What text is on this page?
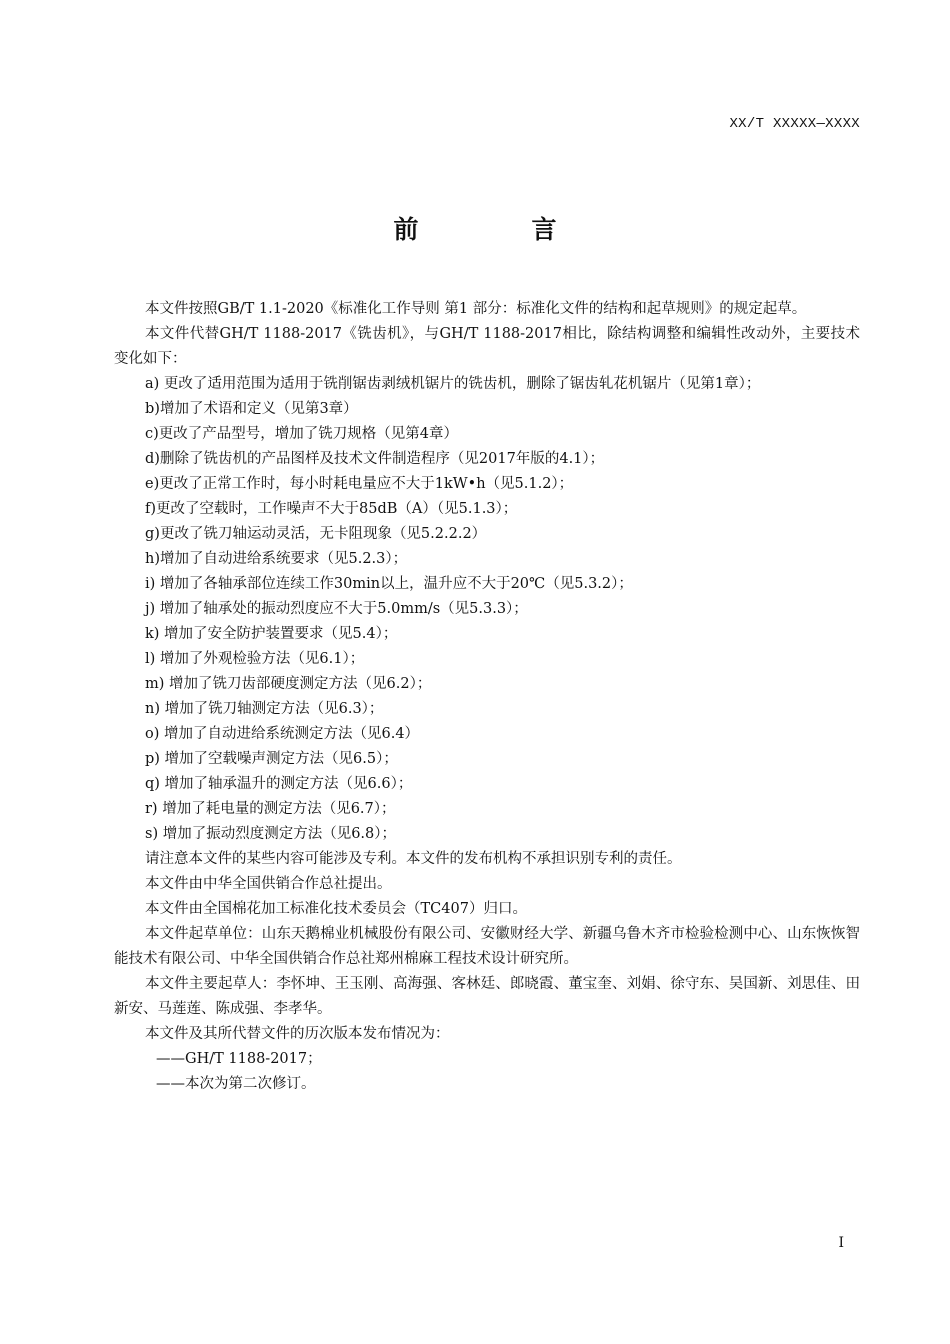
XX/T XXXXX—XXXX
前　言

本文件按照GB/T 1.1-2020《标准化工作导则 第1 部分：标准化文件的结构和起草规则》的规定起草。

本文件代替GH/T 1188-2017《铣齿机》，与GH/T 1188-2017相比，除结构调整和编辑性改动外，主要技术变化如下：

a) 更改了适用范围为适用于铣削锯齿剥绒机锯片的铣齿机，删除了锯齿轧花机锯片（见第1章）；

b)增加了术语和定义（见第3章）

c)更改了产品型号，增加了铣刀规格（见第4章）

d)删除了铣齿机的产品图样及技术文件制造程序（见2017年版的4.1）；

e)更改了正常工作时，每小时耗电量应不大于1kW•h（见5.1.2）；

f)更改了空载时，工作噪声不大于85dB（A）（见5.1.3）；

g)更改了铣刀轴运动灵活，无卡阻现象（见5.2.2.2）

h)增加了自动进给系统要求（见5.2.3）；

i) 增加了各轴承部位连续工作30min以上，温升应不大于20℃（见5.3.2）；

j) 增加了轴承处的振动烈度应不大于5.0mm/s（见5.3.3）；

k) 增加了安全防护装置要求（见5.4）；

l) 增加了外观检验方法（见6.1）；

m) 增加了铣刀齿部硬度测定方法（见6.2）；

n) 增加了铣刀轴测定方法（见6.3）；

o) 增加了自动进给系统测定方法（见6.4）

p) 增加了空载噪声测定方法（见6.5）；

q) 增加了轴承温升的测定方法（见6.6）；

r) 增加了耗电量的测定方法（见6.7）；

s) 增加了振动烈度测定方法（见6.8）；

请注意本文件的某些内容可能涉及专利。本文件的发布机构不承担识别专利的责任。

本文件由中华全国供销合作总社提出。

本文件由全国棉花加工标准化技术委员会（TC407）归口。

本文件起草单位：山东天鹅棉业机械股份有限公司、安徽财经大学、新疆乌鲁木齐市检验检测中心、山东恢恢智能技术有限公司、中华全国供销合作总社郑州棉麻工程技术设计研究所。

本文件主要起草人：李怀坤、王玉刚、高海强、客林廷、郎晓霞、董宝奎、刘娟、徐守东、吴国新、刘思佳、田新安、马莲莲、陈成强、李孝华。

本文件及其所代替文件的历次版本发布情况为：

——GH/T 1188-2017；

——本次为第二次修订。

I
